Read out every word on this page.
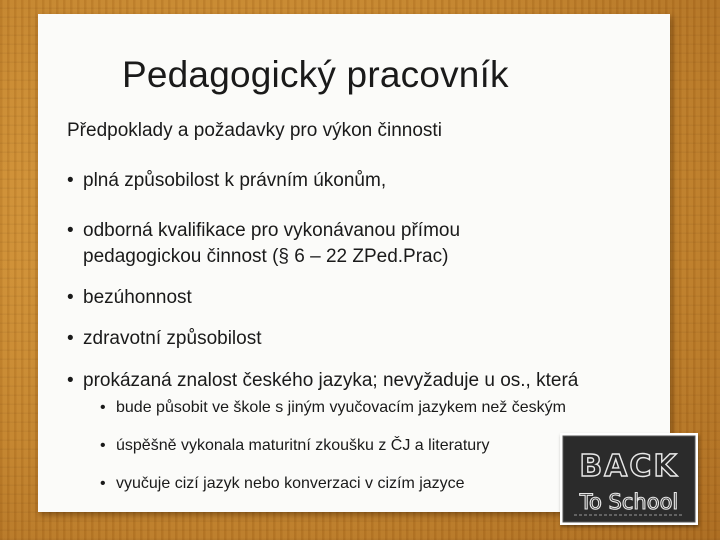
Pedagogický pracovník
Předpoklady a požadavky pro výkon činnosti
• plná způsobilost k právním úkonům,
• odborná kvalifikace pro vykonávanou přímou
pedagogickou činnost (§ 6 – 22 ZPed.Prac)
• bezúhonnost
• zdravotní způsobilost
• prokázaná znalost českého jazyka; nevyžaduje u os., která
• bude působit ve škole s jiným vyučovacím jazykem než českým
• úspěšně vykonala maturitní zkoušku z ČJ a literatury
• vyučuje cizí jazyk nebo konverzaci v cizím jazyce	BACK
To School
